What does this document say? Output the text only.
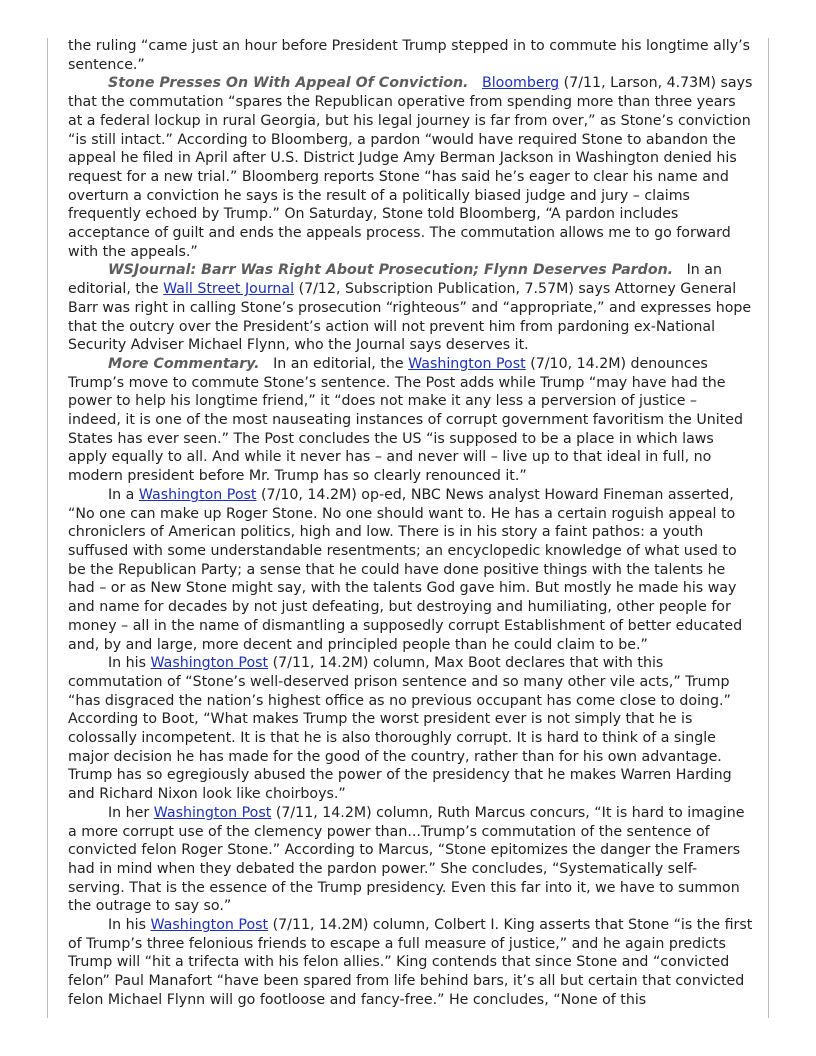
the ruling “came just an hour before President Trump stepped in to commute his longtime ally’s sentence.”

Stone Presses On With Appeal Of Conviction. Bloomberg (7/11, Larson, 4.73M) says that the commutation “spares the Republican operative from spending more than three years at a federal lockup in rural Georgia, but his legal journey is far from over,” as Stone’s conviction “is still intact.” According to Bloomberg, a pardon “would have required Stone to abandon the appeal he filed in April after U.S. District Judge Amy Berman Jackson in Washington denied his request for a new trial.” Bloomberg reports Stone “has said he’s eager to clear his name and overturn a conviction he says is the result of a politically biased judge and jury – claims frequently echoed by Trump.” On Saturday, Stone told Bloomberg, “A pardon includes acceptance of guilt and ends the appeals process. The commutation allows me to go forward with the appeals.”

WSJournal: Barr Was Right About Prosecution; Flynn Deserves Pardon. In an editorial, the Wall Street Journal (7/12, Subscription Publication, 7.57M) says Attorney General Barr was right in calling Stone’s prosecution “righteous” and “appropriate,” and expresses hope that the outcry over the President’s action will not prevent him from pardoning ex-National Security Adviser Michael Flynn, who the Journal says deserves it.

More Commentary. In an editorial, the Washington Post (7/10, 14.2M) denounces Trump’s move to commute Stone’s sentence. The Post adds while Trump “may have had the power to help his longtime friend,” it “does not make it any less a perversion of justice – indeed, it is one of the most nauseating instances of corrupt government favoritism the United States has ever seen.” The Post concludes the US “is supposed to be a place in which laws apply equally to all. And while it never has – and never will – live up to that ideal in full, no modern president before Mr. Trump has so clearly renounced it.”

In a Washington Post (7/10, 14.2M) op-ed, NBC News analyst Howard Fineman asserted, “No one can make up Roger Stone. No one should want to. He has a certain roguish appeal to chroniclers of American politics, high and low. There is in his story a faint pathos: a youth suffused with some understandable resentments; an encyclopedic knowledge of what used to be the Republican Party; a sense that he could have done positive things with the talents he had – or as New Stone might say, with the talents God gave him. But mostly he made his way and name for decades by not just defeating, but destroying and humiliating, other people for money – all in the name of dismantling a supposedly corrupt Establishment of better educated and, by and large, more decent and principled people than he could claim to be.”

In his Washington Post (7/11, 14.2M) column, Max Boot declares that with this commutation of “Stone’s well-deserved prison sentence and so many other vile acts,” Trump “has disgraced the nation’s highest office as no previous occupant has come close to doing.” According to Boot, “What makes Trump the worst president ever is not simply that he is colossally incompetent. It is that he is also thoroughly corrupt. It is hard to think of a single major decision he has made for the good of the country, rather than for his own advantage. Trump has so egregiously abused the power of the presidency that he makes Warren Harding and Richard Nixon look like choirboys.”

In her Washington Post (7/11, 14.2M) column, Ruth Marcus concurs, “It is hard to imagine a more corrupt use of the clemency power than...Trump’s commutation of the sentence of convicted felon Roger Stone.” According to Marcus, “Stone epitomizes the danger the Framers had in mind when they debated the pardon power.” She concludes, “Systematically self-serving. That is the essence of the Trump presidency. Even this far into it, we have to summon the outrage to say so.”

In his Washington Post (7/11, 14.2M) column, Colbert I. King asserts that Stone “is the first of Trump’s three felonious friends to escape a full measure of justice,” and he again predicts Trump will “hit a trifecta with his felon allies.” King contends that since Stone and “convicted felon” Paul Manafort “have been spared from life behind bars, it’s all but certain that convicted felon Michael Flynn will go footloose and fancy-free.” He concludes, “None of this
